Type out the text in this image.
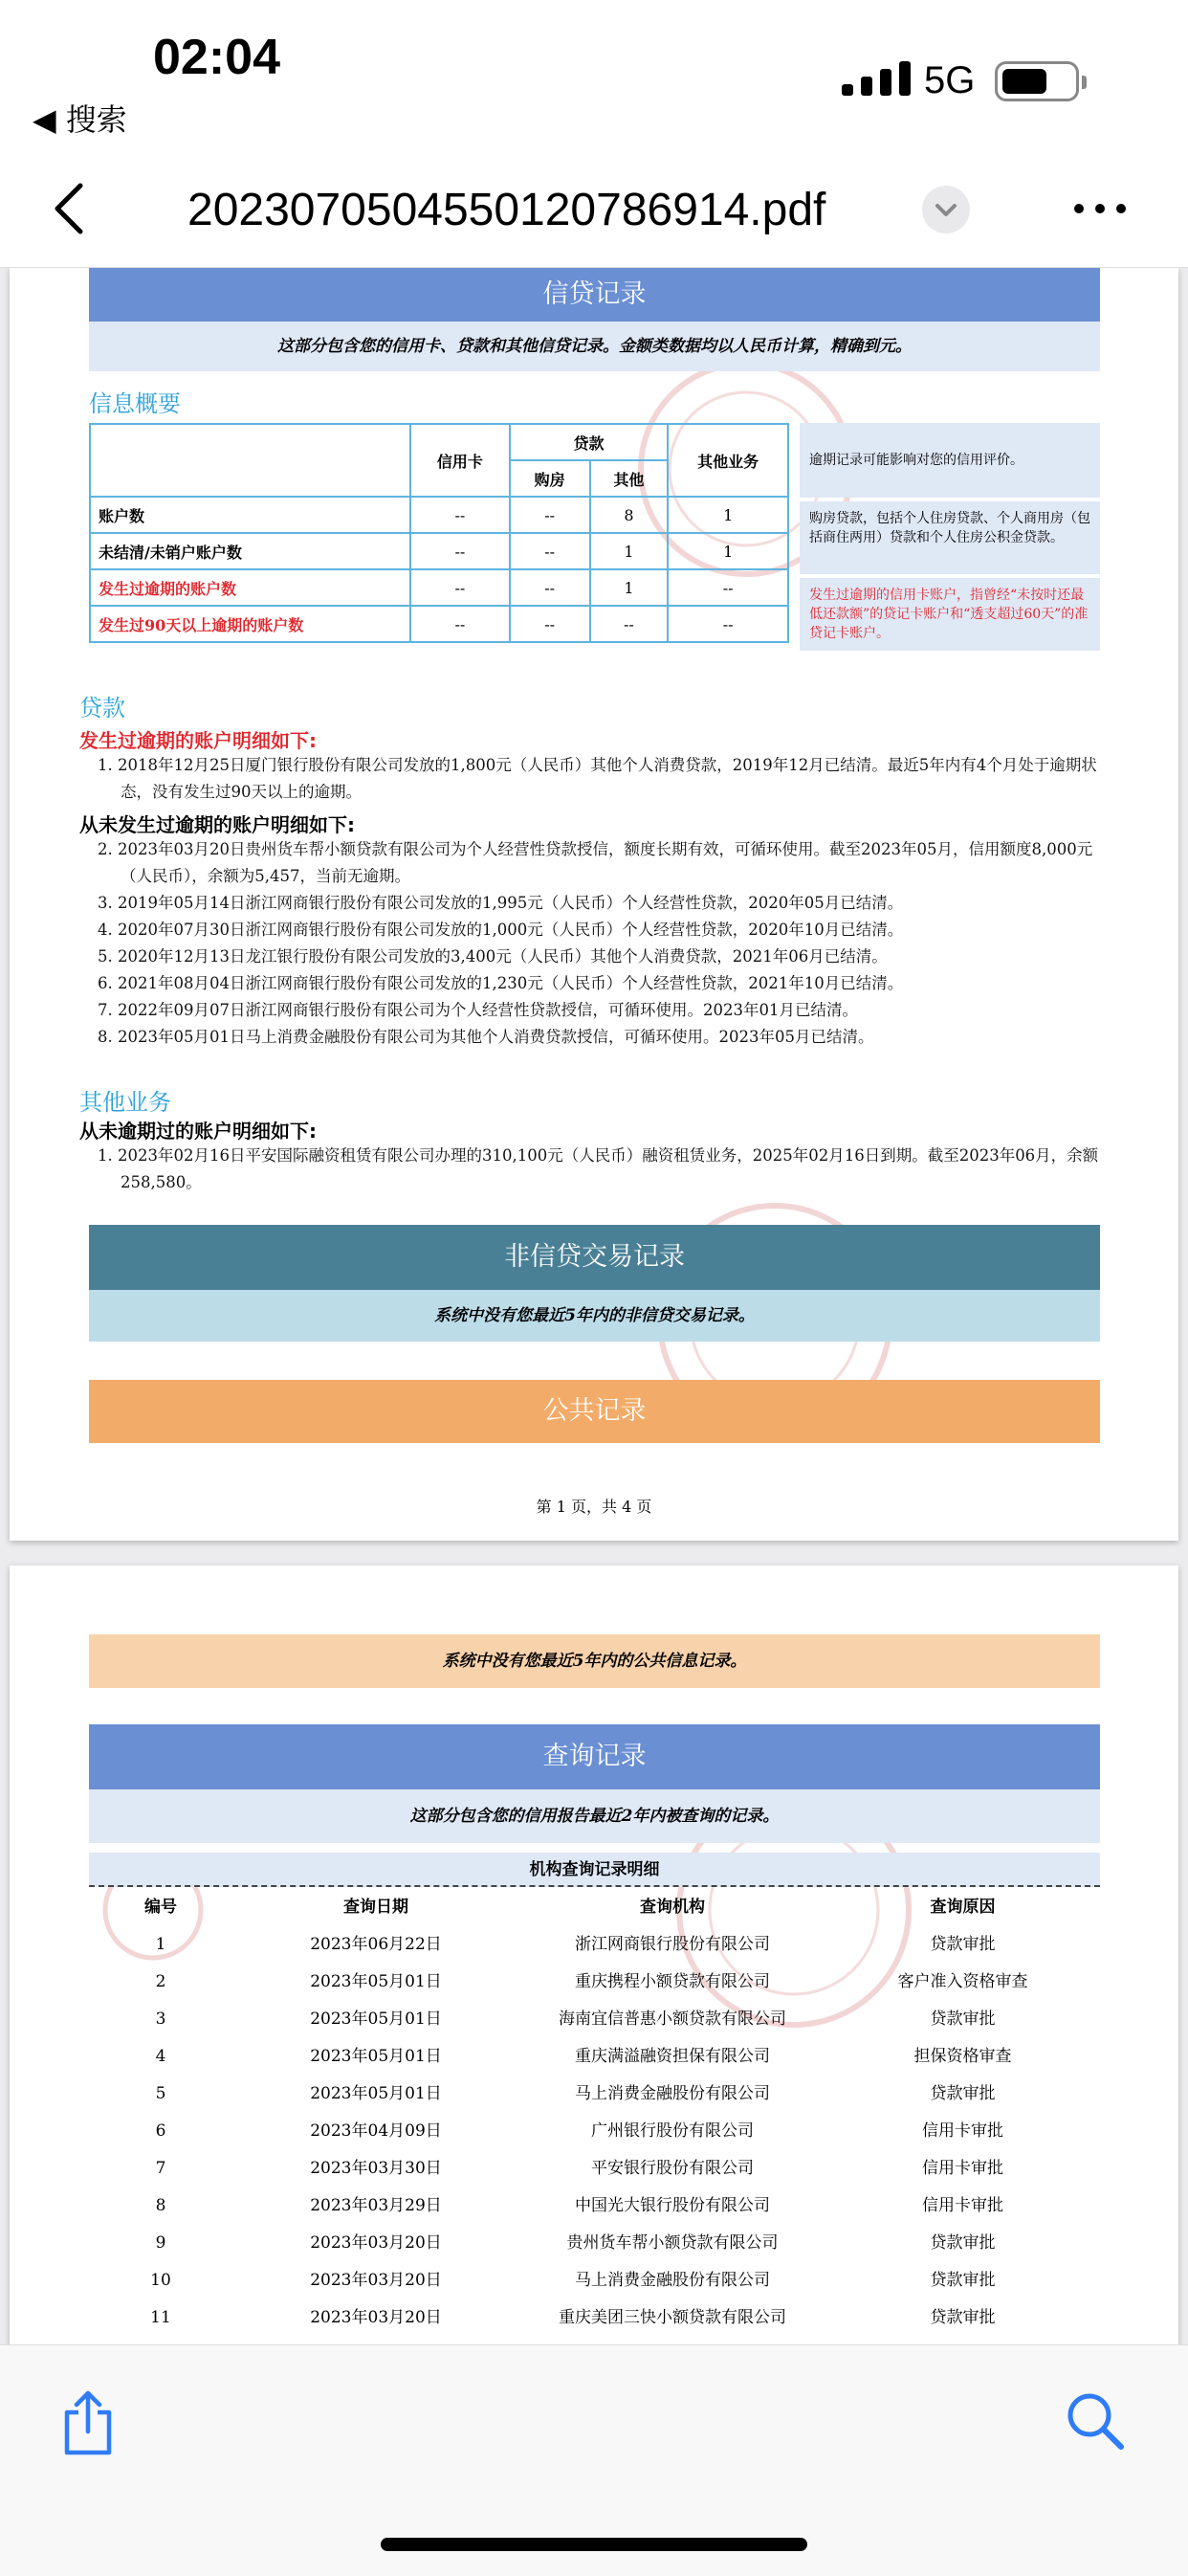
02:04
◀ 搜索
5G
20230705045501207869​14.pdf
信贷记录
这部分包含您的信用卡、贷款和其他信贷记录。金额类数据均以人民币计算，精确到元。
信息概要
	信用卡	贷款		其他业务
		购房	其他	
账户数	--	--	8	1
未结清/未销户账户数	--	--	1	1
发生过逾期的账户数	--	--	1	--
发生过90天以上逾期的账户数	--	--	--	--
逾期记录可能影响对您的信用评价。
购房贷款，包括个人住房贷款、个人商用房（包括商住两用）贷款和个人住房公积金贷款。
发生过逾期的信用卡账户，指曾经“未按时还最低还款额”的贷记卡账户和“透支超过60天”的准贷记卡账户。
贷款
发生过逾期的账户明细如下:
1. 2018年12月25日厦门银行股份有限公司发放的1,800元（人民币）其他个人消费贷款，2019年12月已结清。最近5年内有4个月处于逾期状态，没有发生过90天以上的逾期。
从未发生过逾期的账户明细如下:
2. 2023年03月20日贵州货车帮小额贷款有限公司为个人经营性贷款授信，额度长期有效，可循环使用。截至2023年05月，信用额度8,000元（人民币），余额为5,457，当前无逾期。
3. 2019年05月14日浙江网商银行股份有限公司发放的1,995元（人民币）个人经营性贷款，2020年05月已结清。
4. 2020年07月30日浙江网商银行股份有限公司发放的1,000元（人民币）个人经营性贷款，2020年10月已结清。
5. 2020年12月13日龙江银行股份有限公司发放的3,400元（人民币）其他个人消费贷款，2021年06月已结清。
6. 2021年08月04日浙江网商银行股份有限公司发放的1,230元（人民币）个人经营性贷款，2021年10月已结清。
7. 2022年09月07日浙江网商银行股份有限公司为个人经营性贷款授信，可循环使用。2023年01月已结清。
8. 2023年05月01日马上消费金融股份有限公司为其他个人消费贷款授信，可循环使用。2023年05月已结清。
其他业务
从未逾期过的账户明细如下:
1. 2023年02月16日平安国际融资租赁有限公司办理的310,100元（人民币）融资租赁业务，2025年02月16日到期。截至2023年06月，余额258,580。
非信贷交易记录
系统中没有您最近5年内的非信贷交易记录。
公共记录
第 1 页，共 4 页
系统中没有您最近5年内的公共信息记录。
查询记录
这部分包含您的信用报告最近2年内被查询的记录。
机构查询记录明细
编号	查询日期	查询机构	查询原因
1	2023年06月22日	浙江网商银行股份有限公司	贷款审批
2	2023年05月01日	重庆携程小额贷款有限公司	客户准入资格审查
3	2023年05月01日	海南宜信普惠小额贷款有限公司	贷款审批
4	2023年05月01日	重庆满溢融资担保有限公司	担保资格审查
5	2023年05月01日	马上消费金融股份有限公司	贷款审批
6	2023年04月09日	广州银行股份有限公司	信用卡审批
7	2023年03月30日	平安银行股份有限公司	信用卡审批
8	2023年03月29日	中国光大银行股份有限公司	信用卡审批
9	2023年03月20日	贵州货车帮小额贷款有限公司	贷款审批
10	2023年03月20日	马上消费金融股份有限公司	贷款审批
11	2023年03月20日	重庆美团三快小额贷款有限公司	贷款审批
